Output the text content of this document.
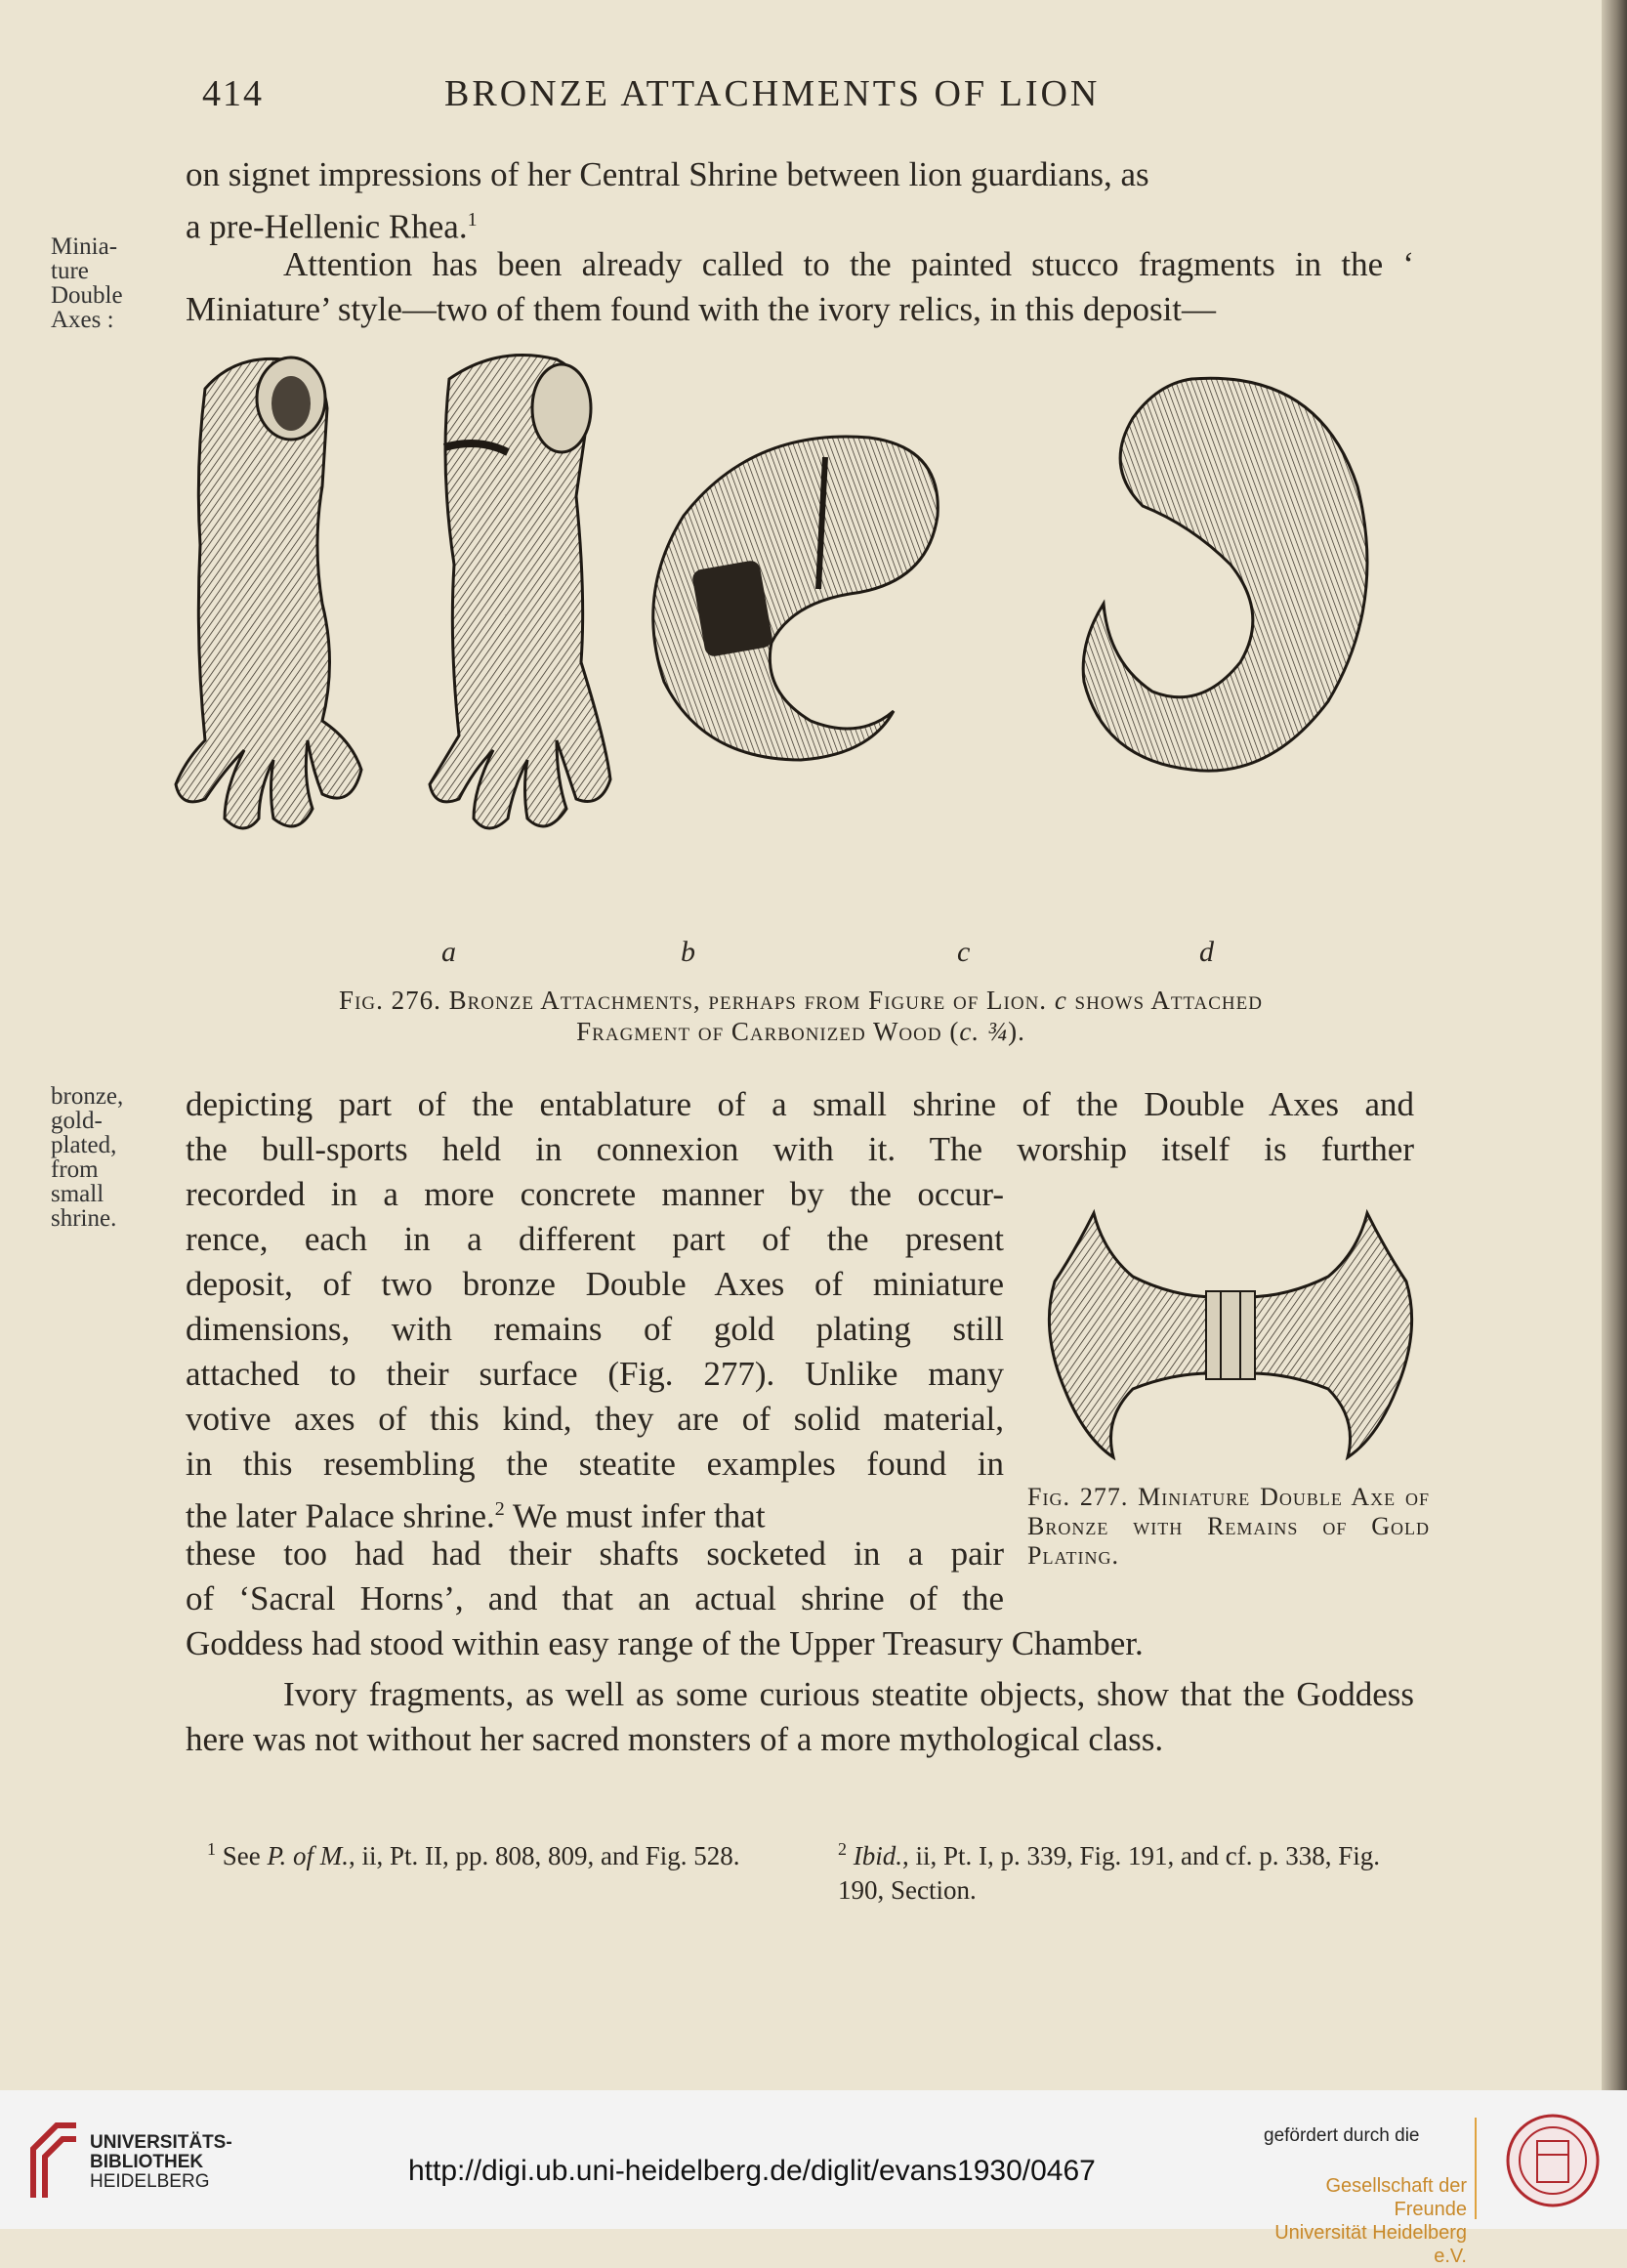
414	BRONZE ATTACHMENTS OF LION

on signet impressions of her Central Shrine between lion guardians, as
a pre-Hellenic Rhea.$^1$

Attention has been already called to the painted stucco fragments in the ‘ Miniature’ style—two of them found with the ivory relics, in this deposit—

Minia-
ture
Double
Axes :
a	b	c	d
Fig. 276. Bronze Attachments, perhaps from Figure of Lion. c shows Attached
Fragment of Carbonized Wood (c. ¾).
bronze,
gold-
plated,
from
small
shrine.

depicting part of the entablature of a small shrine of the Double Axes and

the bull-sports held in connexion with it. The worship itself is further

recorded in a more concrete manner by the occur-

rence, each in a different part of the present

deposit, of two bronze Double Axes of miniature

dimensions, with remains of gold plating still

attached to their surface (Fig. 277). Unlike many

votive axes of this kind, they are of solid material,

in this resembling the steatite examples found in

the later Palace shrine.$^2$ We must infer that

these too had had their shafts socketed in a pair

of ‘Sacral Horns’, and that an actual shrine of the

Goddess had stood within easy range of the Upper Treasury Chamber.

Fig. 277. Miniature Double Axe of Bronze with Remains of Gold Plating.

Ivory fragments, as well as some curious steatite objects, show that the Goddess here was not without her sacred monsters of a more mythological class.

$^1$ See P. of M., ii, Pt. II, pp. 808, 809, and Fig. 528.	$^2$ Ibid., ii, Pt. I, p. 339, Fig. 191, and cf. p. 338, Fig. 190, Section.
UNIVERSITÄTS-
BIBLIOTHEK
HEIDELBERG	http://digi.ub.uni-heidelberg.de/diglit/evans1930/0467
gefördert durch die
Gesellschaft der Freunde
Universität Heidelberg e.V.
